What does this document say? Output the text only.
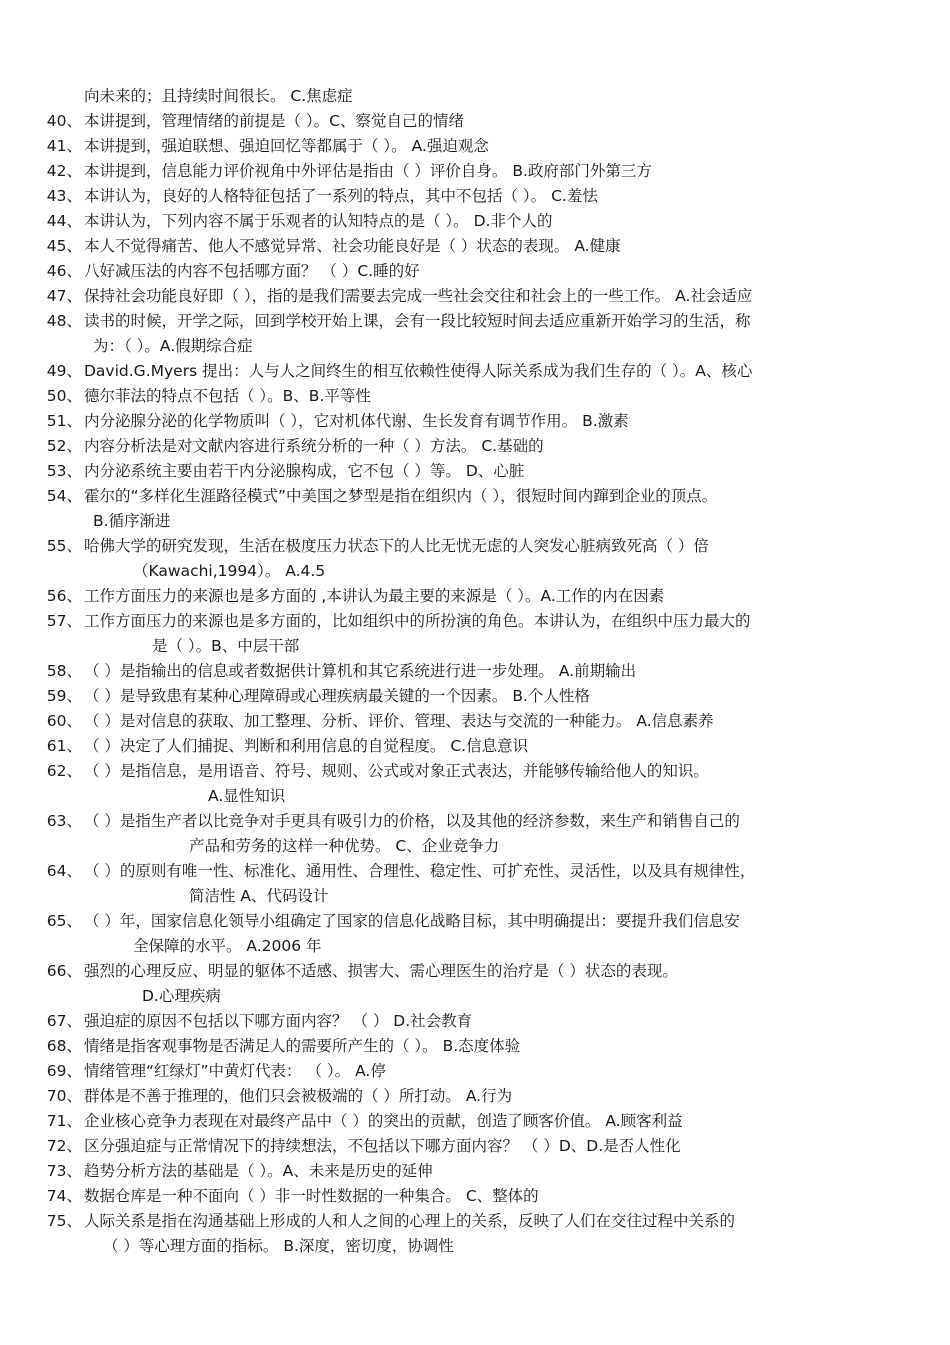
向未来的；且持续时间很长。 C.焦虑症
40、 本讲提到，管理情绪的前提是（ ）。C、察觉自己的情绪
41、 本讲提到，强迫联想、强迫回忆等都属于（ ）。 A.强迫观念
42、 本讲提到，信息能力评价视角中外评估是指由（ ）评价自身。 B.政府部门外第三方
43、 本讲认为，良好的人格特征包括了一系列的特点，其中不包括（ ）。 C.羞怯
44、 本讲认为，下列内容不属于乐观者的认知特点的是（ ）。 D.非个人的
45、 本人不觉得痛苦、他人不感觉异常、社会功能良好是（ ）状态的表现。 A.健康
46、 八好减压法的内容不包括哪方面？ （ ）C.睡的好
47、 保持社会功能良好即（ ），指的是我们需要去完成一些社会交往和社会上的一些工作。 A.社会适应
48、 读书的时候，开学之际，回到学校开始上课，会有一段比较短时间去适应重新开始学习的生活，称
为：（ ）。A.假期综合症
49、 David.G.Myers 提出：人与人之间终生的相互依赖性使得人际关系成为我们生存的（ ）。A、核心
50、 德尔菲法的特点不包括（ ）。B、B.平等性
51、 内分泌腺分泌的化学物质叫（ ），它对机体代谢、生长发育有调节作用。 B.激素
52、 内容分析法是对文献内容进行系统分析的一种（ ）方法。 C.基础的
53、 内分泌系统主要由若干内分泌腺构成，它不包（ ）等。 D、心脏
54、 霍尔的“多样化生涯路径模式”中美国之梦型是指在组织内（ ），很短时间内蹿到企业的顶点。
B.循序渐进
55、 哈佛大学的研究发现，生活在极度压力状态下的人比无忧无虑的人突发心脏病致死高（ ）倍
（Kawachi,1994）。 A.4.5
56、 工作方面压力的来源也是多方面的 ,本讲认为最主要的来源是（ ）。A.工作的内在因素
57、 工作方面压力的来源也是多方面的，比如组织中的所扮演的角色。本讲认为，在组织中压力最大的
是（ ）。B、中层干部
58、 （ ）是指输出的信息或者数据供计算机和其它系统进行进一步处理。 A.前期输出
59、 （ ）是导致患有某种心理障碍或心理疾病最关键的一个因素。 B.个人性格
60、 （ ）是对信息的获取、加工整理、分析、评价、管理、表达与交流的一种能力。 A.信息素养
61、 （ ）决定了人们捕捉、判断和利用信息的自觉程度。 C.信息意识
62、 （ ）是指信息，是用语音、符号、规则、公式或对象正式表达，并能够传输给他人的知识。
A.显性知识
63、 （ ）是指生产者以比竞争对手更具有吸引力的价格，以及其他的经济参数，来生产和销售自己的
产品和劳务的这样一种优势。 C、企业竞争力
64、 （ ）的原则有唯一性、标准化、通用性、合理性、稳定性、可扩充性、灵活性，以及具有规律性，
简洁性 A、代码设计
65、 （ ）年，国家信息化领导小组确定了国家的信息化战略目标，其中明确提出：要提升我们信息安
全保障的水平。 A.2006 年
66、 强烈的心理反应、明显的躯体不适感、损害大、需心理医生的治疗是（ ）状态的表现。
D.心理疾病
67、 强迫症的原因不包括以下哪方面内容？ （ ） D.社会教育
68、 情绪是指客观事物是否满足人的需要所产生的（ ）。 B.态度体验
69、 情绪管理“红绿灯”中黄灯代表： （ ）。 A.停
70、 群体是不善于推理的，他们只会被极端的（ ）所打动。 A.行为
71、 企业核心竞争力表现在对最终产品中（ ）的突出的贡献，创造了顾客价值。 A.顾客利益
72、 区分强迫症与正常情况下的持续想法，不包括以下哪方面内容？ （ ）D、D.是否人性化
73、 趋势分析方法的基础是（ ）。A、未来是历史的延伸
74、 数据仓库是一种不面向（ ）非一时性数据的一种集合。 C、整体的
75、 人际关系是指在沟通基础上形成的人和人之间的心理上的关系，反映了人们在交往过程中关系的
（ ）等心理方面的指标。 B.深度，密切度，协调性
